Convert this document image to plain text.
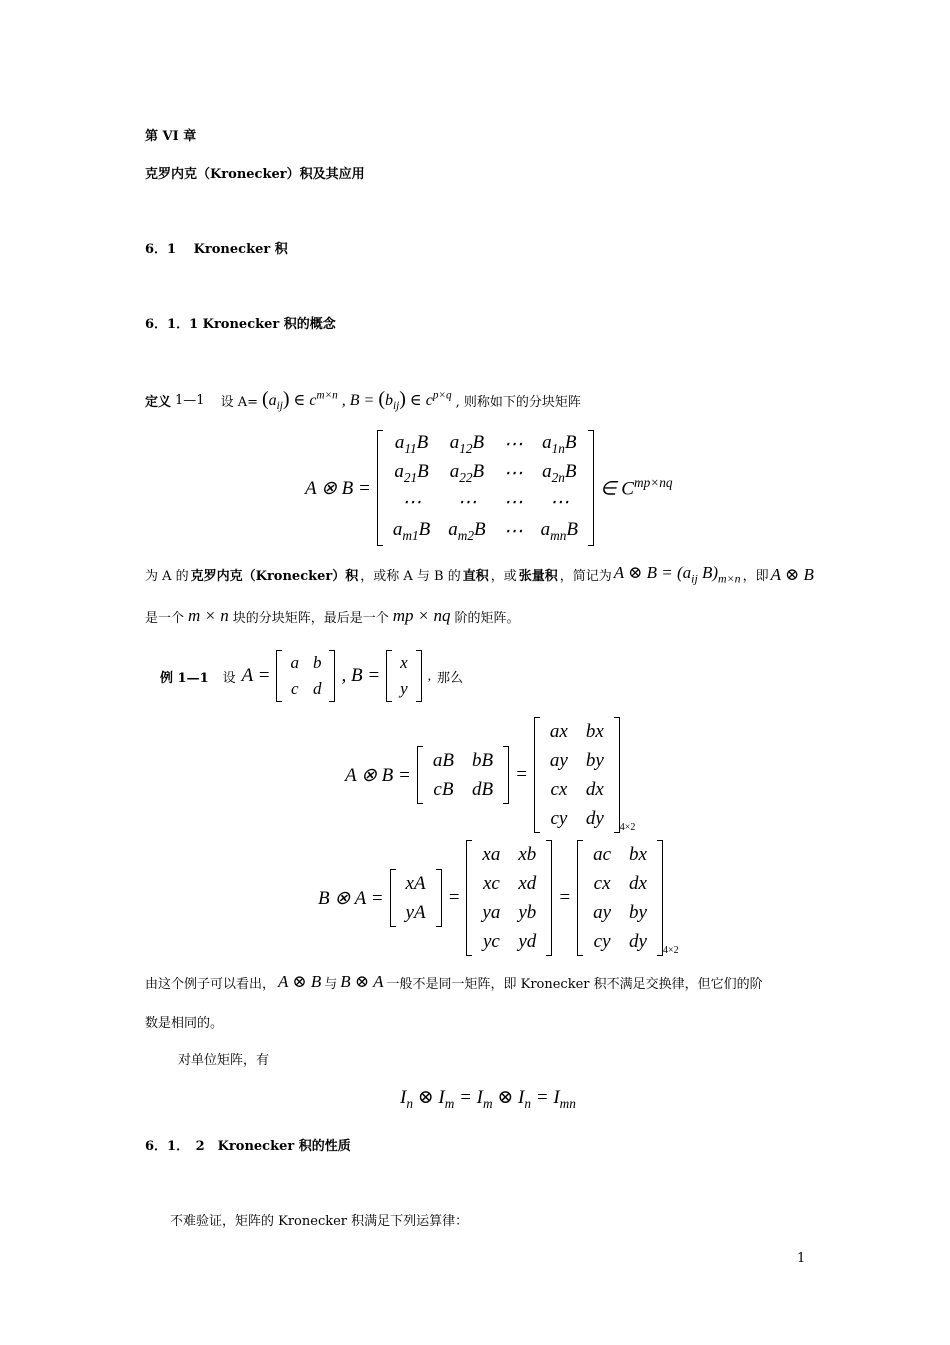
第 VI 章
克罗内克（Kronecker）积及其应用
6．1　 Kronecker 积
6．1．1 Kronecker 积的概念
定义 1—1 设 $A= (a_{ij})$ ∈ $c^{m\times n}$ , $B = (b_{ij})$ ∈ $c^{p\times q}$ , 则称如下的分块矩阵
A ⊗ B =
$a_{11}B$	$a_{12}B$	⋯	$a_{1n}B$
$a_{21}B$	$a_{22}B$	⋯	$a_{2n}B$
⋯	⋯	⋯	⋯
$a_{m1}B$	$a_{m2}B$	⋯	$a_{mn}B$
∈ $C^{mp\times nq}$
为 A 的 克罗内克（Kronecker）积 ，或称 A 与 B 的 直积 ，或 张量积 ，简记为 A ⊗ $B = (a_{ij}$ $B)_{m\times n}$ ，即 A ⊗ B
是一个 m × n 块的分块矩阵，最后是一个 mp × nq 阶的矩阵。
例 1—1 设 A =
a	b
c	d
, B =
x
y
, 那么
A ⊗ B =
aB	bB
cB	dB
=
ax	bx
ay	by
cx	dx
cy	dy 4×2
B ⊗ A =
xA
yA
=
xa	xb
xc	xd
ya	yb
yc	yd
=
ac	bx
cx	dx
ay	by
cy	dy 4×2
由这个例子可以看出， A ⊗ B 与 B ⊗ A 一般不是同一矩阵，即 Kronecker 积不满足交换律，但它们的阶
数是相同的。
对单位矩阵，有
$I_n$ ⊗ $I_m = I_m$ ⊗ $I_n = I_{mn}$
6．1．　2　Kronecker 积的性质
不难验证，矩阵的 Kronecker 积满足下列运算律：
1
